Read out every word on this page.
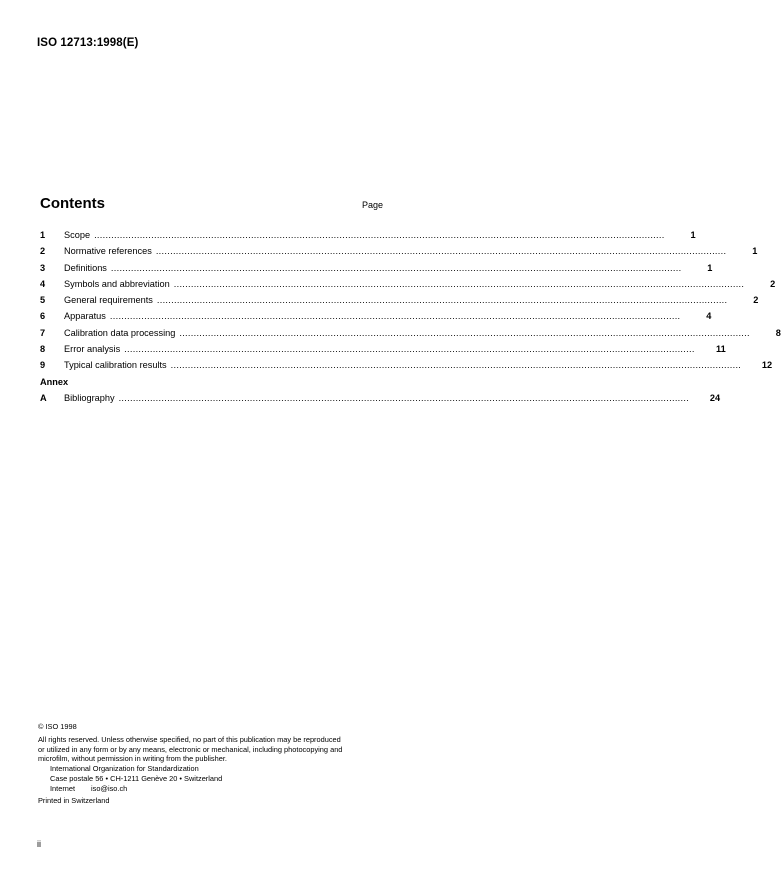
ISO 12713:1998(E)
Contents	Page
1	Scope ........................................................................................................................................................................................................	1
2	Normative references ........................................................................................................................................................................................................	1
3	Definitions ........................................................................................................................................................................................................	1
4	Symbols and abbreviation ........................................................................................................................................................................................................	2
5	General requirements ........................................................................................................................................................................................................	2
6	Apparatus ........................................................................................................................................................................................................	4
7	Calibration data processing ........................................................................................................................................................................................................	8
8	Error analysis ........................................................................................................................................................................................................	11
9	Typical calibration results ........................................................................................................................................................................................................	12
Annex
A	Bibliography ........................................................................................................................................................................................................	24
© ISO 1998
All rights reserved. Unless otherwise specified, no part of this publication may be reproduced
or utilized in any form or by any means, electronic or mechanical, including photocopying and
microfilm, without permission in writing from the publisher.
International Organization for Standardization
Case postale 56 • CH-1211 Genève 20 • Switzerland
Internet iso@iso.ch
Printed in Switzerland
ii
